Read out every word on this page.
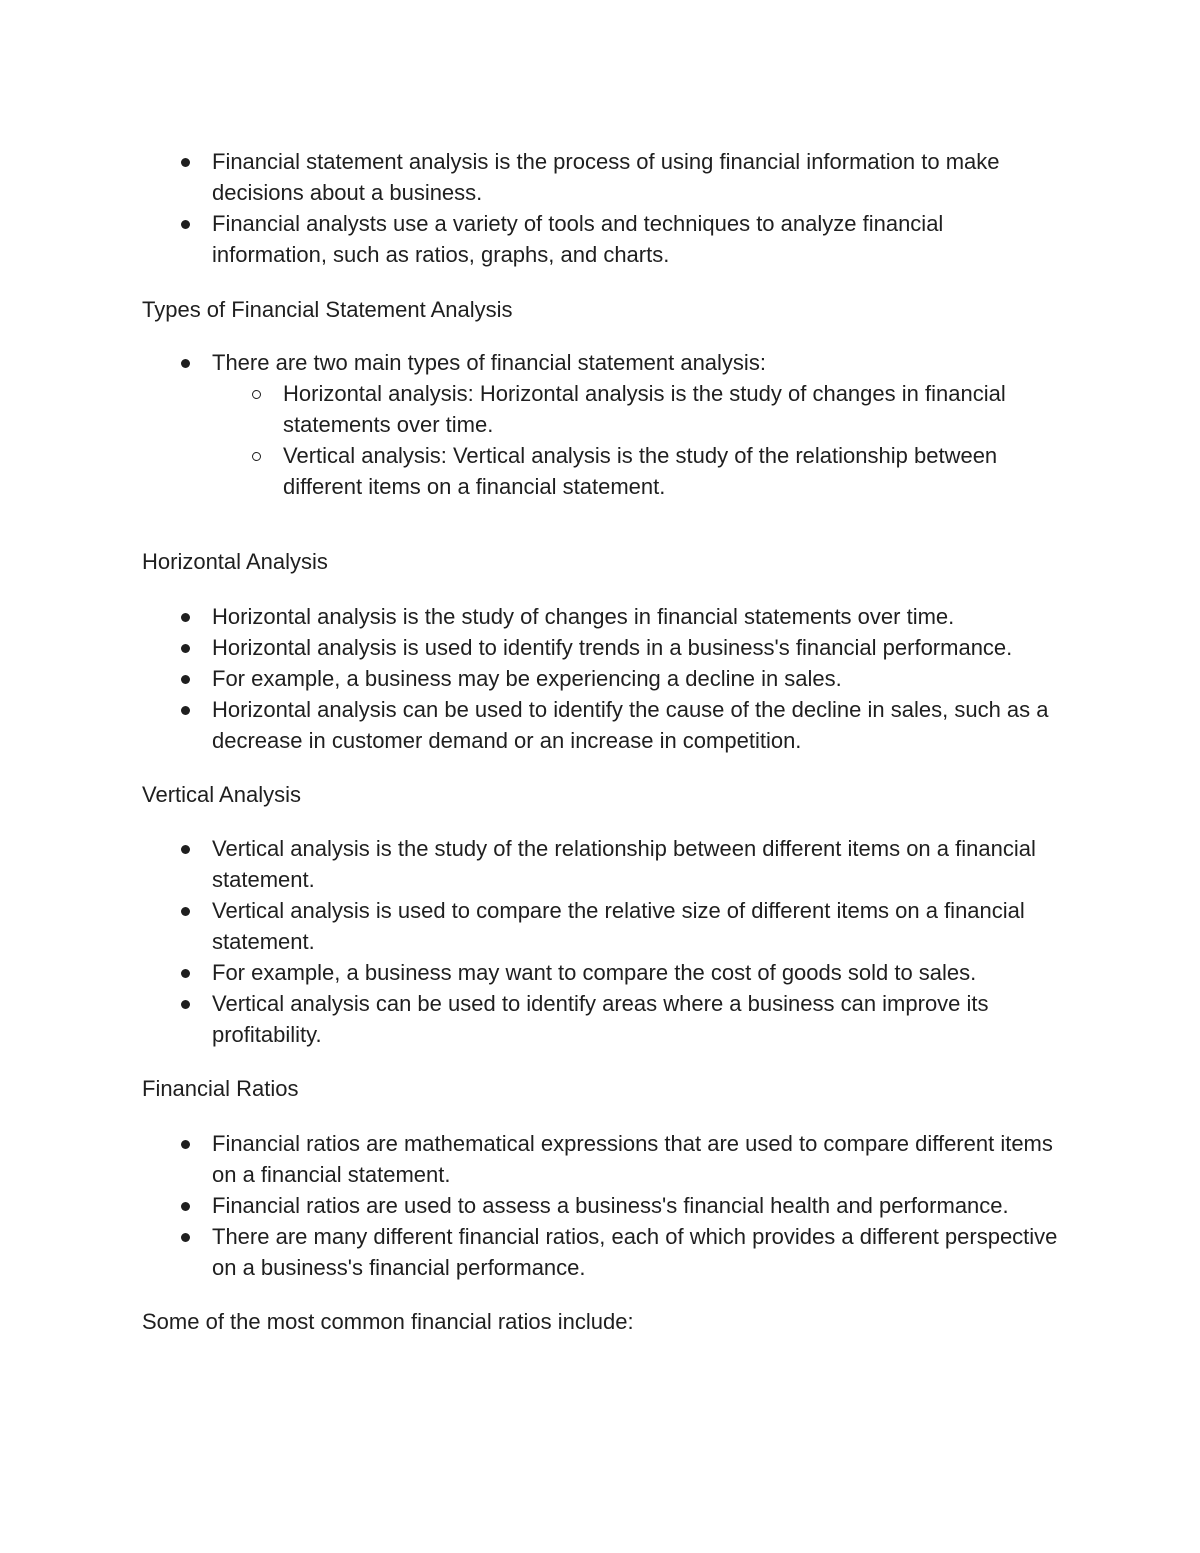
Financial statement analysis is the process of using financial information to make decisions about a business.
Financial analysts use a variety of tools and techniques to analyze financial information, such as ratios, graphs, and charts.

Types of Financial Statement Analysis

There are two main types of financial statement analysis:
Horizontal analysis: Horizontal analysis is the study of changes in financial statements over time.
Vertical analysis: Vertical analysis is the study of the relationship between different items on a financial statement.

Horizontal Analysis

Horizontal analysis is the study of changes in financial statements over time.
Horizontal analysis is used to identify trends in a business's financial performance.
For example, a business may be experiencing a decline in sales.
Horizontal analysis can be used to identify the cause of the decline in sales, such as a decrease in customer demand or an increase in competition.

Vertical Analysis

Vertical analysis is the study of the relationship between different items on a financial statement.
Vertical analysis is used to compare the relative size of different items on a financial statement.
For example, a business may want to compare the cost of goods sold to sales.
Vertical analysis can be used to identify areas where a business can improve its profitability.

Financial Ratios

Financial ratios are mathematical expressions that are used to compare different items on a financial statement.
Financial ratios are used to assess a business's financial health and performance.
There are many different financial ratios, each of which provides a different perspective on a business's financial performance.

Some of the most common financial ratios include:
